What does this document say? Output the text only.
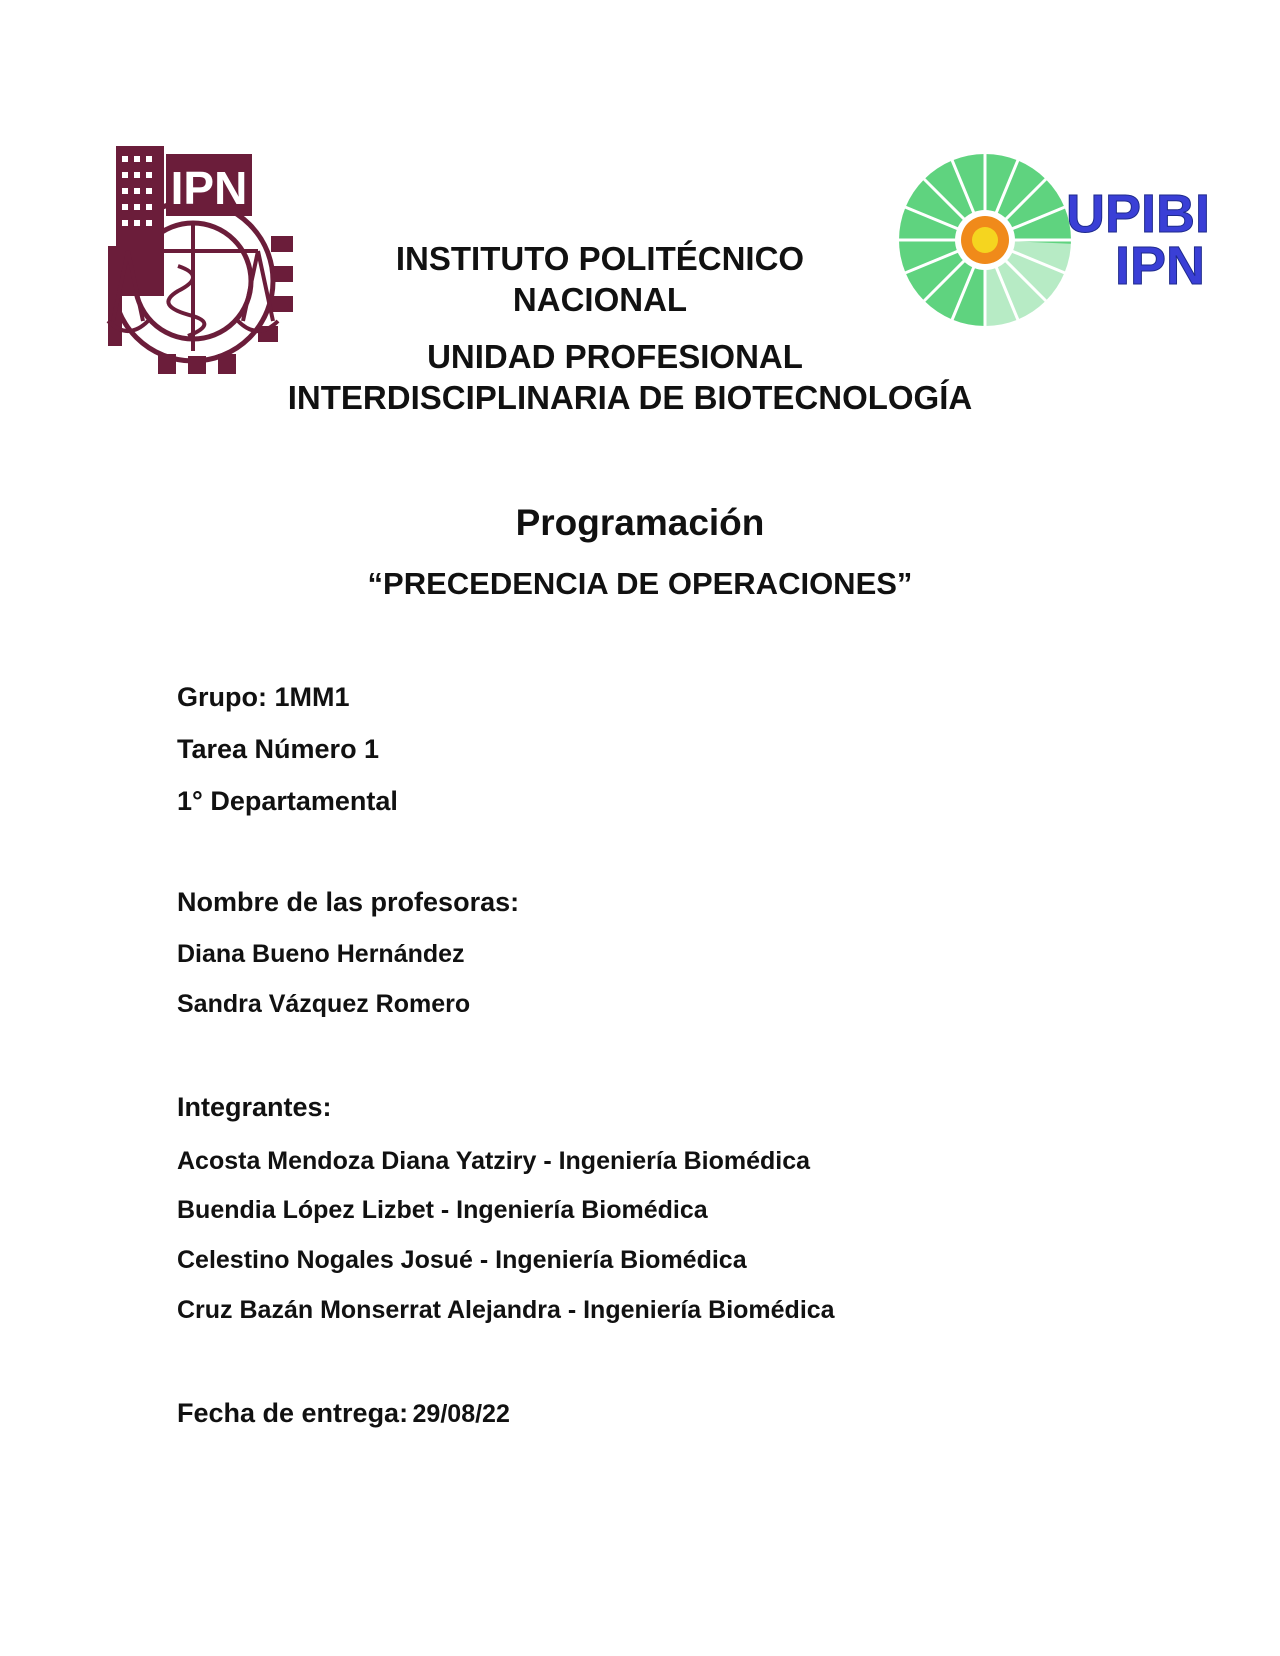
IPN	UPIBI
IPN
INSTITUTO POLITÉCNICO
NACIONAL
UNIDAD PROFESIONAL
INTERDISCIPLINARIA DE BIOTECNOLOGÍA
Programación
“PRECEDENCIA DE OPERACIONES”
Grupo: 1MM1
Tarea Número 1
1° Departamental
Nombre de las profesoras:
Diana Bueno Hernández
Sandra Vázquez Romero
Integrantes:
Acosta Mendoza Diana Yatziry - Ingeniería Biomédica
Buendia López Lizbet - Ingeniería Biomédica
Celestino Nogales Josué - Ingeniería Biomédica
Cruz Bazán Monserrat Alejandra - Ingeniería Biomédica
Fecha de entrega: 29/08/22
